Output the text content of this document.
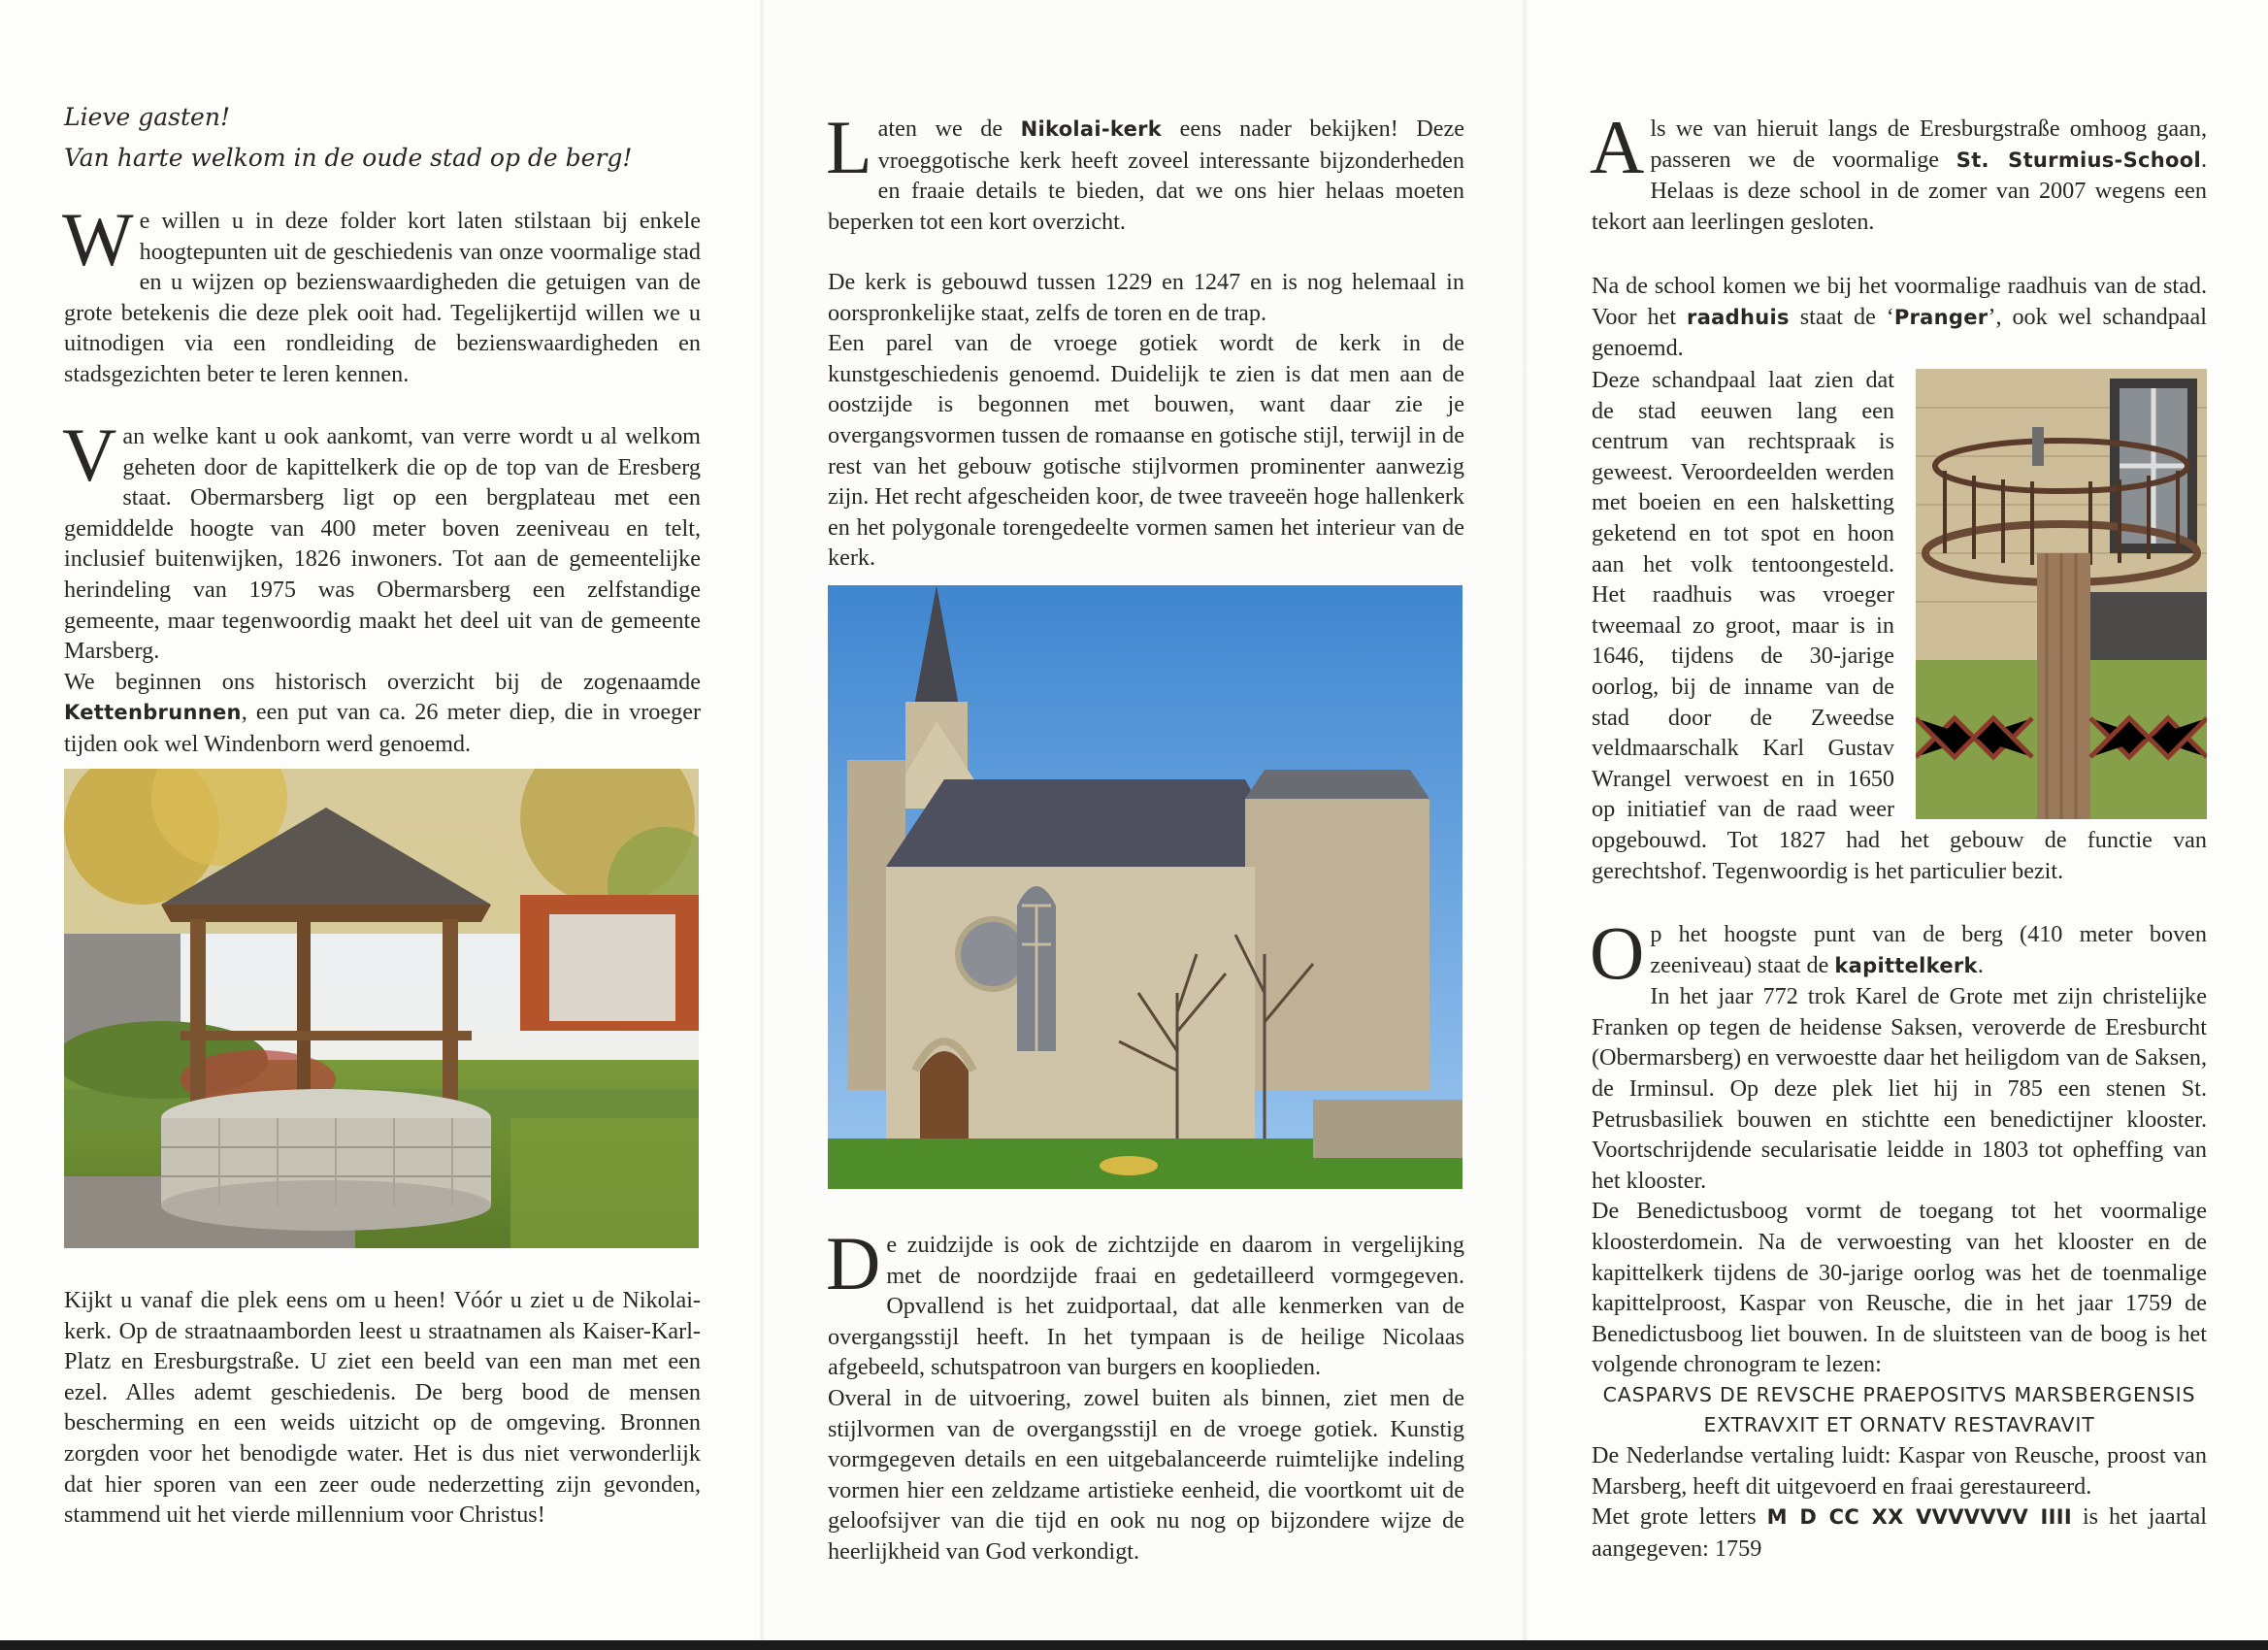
Lieve gasten!
Van harte welkom in de oude stad op de berg!

We willen u in deze folder kort laten stilstaan bij enkele hoogtepunten uit de geschiedenis van onze voormalige stad en u wijzen op bezienswaardigheden die getuigen van de grote betekenis die deze plek ooit had. Tegelijkertijd willen we u uitnodigen via een rondleiding de bezienswaardigheden en stadsgezichten beter te leren kennen.

Van welke kant u ook aankomt, van verre wordt u al welkom geheten door de kapittelkerk die op de top van de Eresberg staat. Obermarsberg ligt op een bergplateau met een gemiddelde hoogte van 400 meter boven zeeniveau en telt, inclusief buitenwijken, 1826 inwoners. Tot aan de gemeentelijke herindeling van 1975 was Obermarsberg een zelfstandige gemeente, maar tegenwoordig maakt het deel uit van de gemeente Marsberg.

We beginnen ons historisch overzicht bij de zogenaamde Kettenbrunnen, een put van ca. 26 meter diep, die in vroeger tijden ook wel Windenborn werd genoemd.

Kijkt u vanaf die plek eens om u heen! Vóór u ziet u de Nikolai-kerk. Op de straatnaamborden leest u straatnamen als Kaiser-Karl-Platz en Eresburgstraße. U ziet een beeld van een man met een ezel. Alles ademt geschiedenis. De berg bood de mensen bescherming en een weids uitzicht op de omgeving. Bronnen zorgden voor het benodigde water. Het is dus niet verwonderlijk dat hier sporen van een zeer oude nederzetting zijn gevonden, stammend uit het vierde millennium voor Christus!

Laten we de Nikolai-kerk eens nader bekijken! Deze vroeggotische kerk heeft zoveel interessante bijzonderheden en fraaie details te bieden, dat we ons hier helaas moeten beperken tot een kort overzicht.

De kerk is gebouwd tussen 1229 en 1247 en is nog helemaal in oorspronkelijke staat, zelfs de toren en de trap.

Een parel van de vroege gotiek wordt de kerk in de kunstgeschiedenis genoemd. Duidelijk te zien is dat men aan de oostzijde is begonnen met bouwen, want daar zie je overgangsvormen tussen de romaanse en gotische stijl, terwijl in de rest van het gebouw gotische stijlvormen prominenter aanwezig zijn. Het recht afgescheiden koor, de twee traveeën hoge hallenkerk en het polygonale torengedeelte vormen samen het interieur van de kerk.

De zuidzijde is ook de zichtzijde en daarom in vergelijking met de noordzijde fraai en gedetailleerd vormgegeven. Opvallend is het zuidportaal, dat alle kenmerken van de overgangsstijl heeft. In het tympaan is de heilige Nicolaas afgebeeld, schutspatroon van burgers en kooplieden.

Overal in de uitvoering, zowel buiten als binnen, ziet men de stijlvormen van de overgangsstijl en de vroege gotiek. Kunstig vormgegeven details en een uitgebalanceerde ruimtelijke indeling vormen hier een zeldzame artistieke eenheid, die voortkomt uit de geloofsijver van die tijd en ook nu nog op bijzondere wijze de heerlijkheid van God verkondigt.

Als we van hieruit langs de Eresburgstraße omhoog gaan, passeren we de voormalige St. Sturmius-School. Helaas is deze school in de zomer van 2007 wegens een tekort aan leerlingen gesloten.

Na de school komen we bij het voormalige raadhuis van de stad. Voor het raadhuis staat de ‘Pranger’, ook wel schandpaal genoemd.

Deze schandpaal laat zien dat de stad eeuwen lang een centrum van rechtspraak is geweest. Veroordeelden werden met boeien en een halsketting geketend en tot spot en hoon aan het volk tentoongesteld. Het raadhuis was vroeger tweemaal zo groot, maar is in 1646, tijdens de 30-jarige oorlog, bij de inname van de stad door de Zweedse veldmaarschalk Karl Gustav Wrangel verwoest en in 1650 op initiatief van de raad weer opgebouwd. Tot 1827 had het gebouw de functie van gerechtshof. Tegenwoordig is het particulier bezit.

Op het hoogste punt van de berg (410 meter boven zeeniveau) staat de kapittelkerk.

In het jaar 772 trok Karel de Grote met zijn christelijke Franken op tegen de heidense Saksen, veroverde de Eresburcht (Obermarsberg) en verwoestte daar het heiligdom van de Saksen, de Irminsul. Op deze plek liet hij in 785 een stenen St. Petrusbasiliek bouwen en stichtte een benedictijner klooster. Voortschrijdende secularisatie leidde in 1803 tot opheffing van het klooster.

De Benedictusboog vormt de toegang tot het voormalige kloosterdomein. Na de verwoesting van het klooster en de kapittelkerk tijdens de 30-jarige oorlog was het de toenmalige kapittelproost, Kaspar von Reusche, die in het jaar 1759 de Benedictusboog liet bouwen. In de sluitsteen van de boog is het volgende chronogram te lezen:

CASPARVS DE REVSCHE PRAEPOSITVS MARSBERGENSIS
EXTRAVXIT ET ORNATV RESTAVRAVIT

De Nederlandse vertaling luidt: Kaspar von Reusche, proost van Marsberg, heeft dit uitgevoerd en fraai gerestaureerd.

Met grote letters M D CC XX VVVVVVV IIII is het jaartal aangegeven: 1759
